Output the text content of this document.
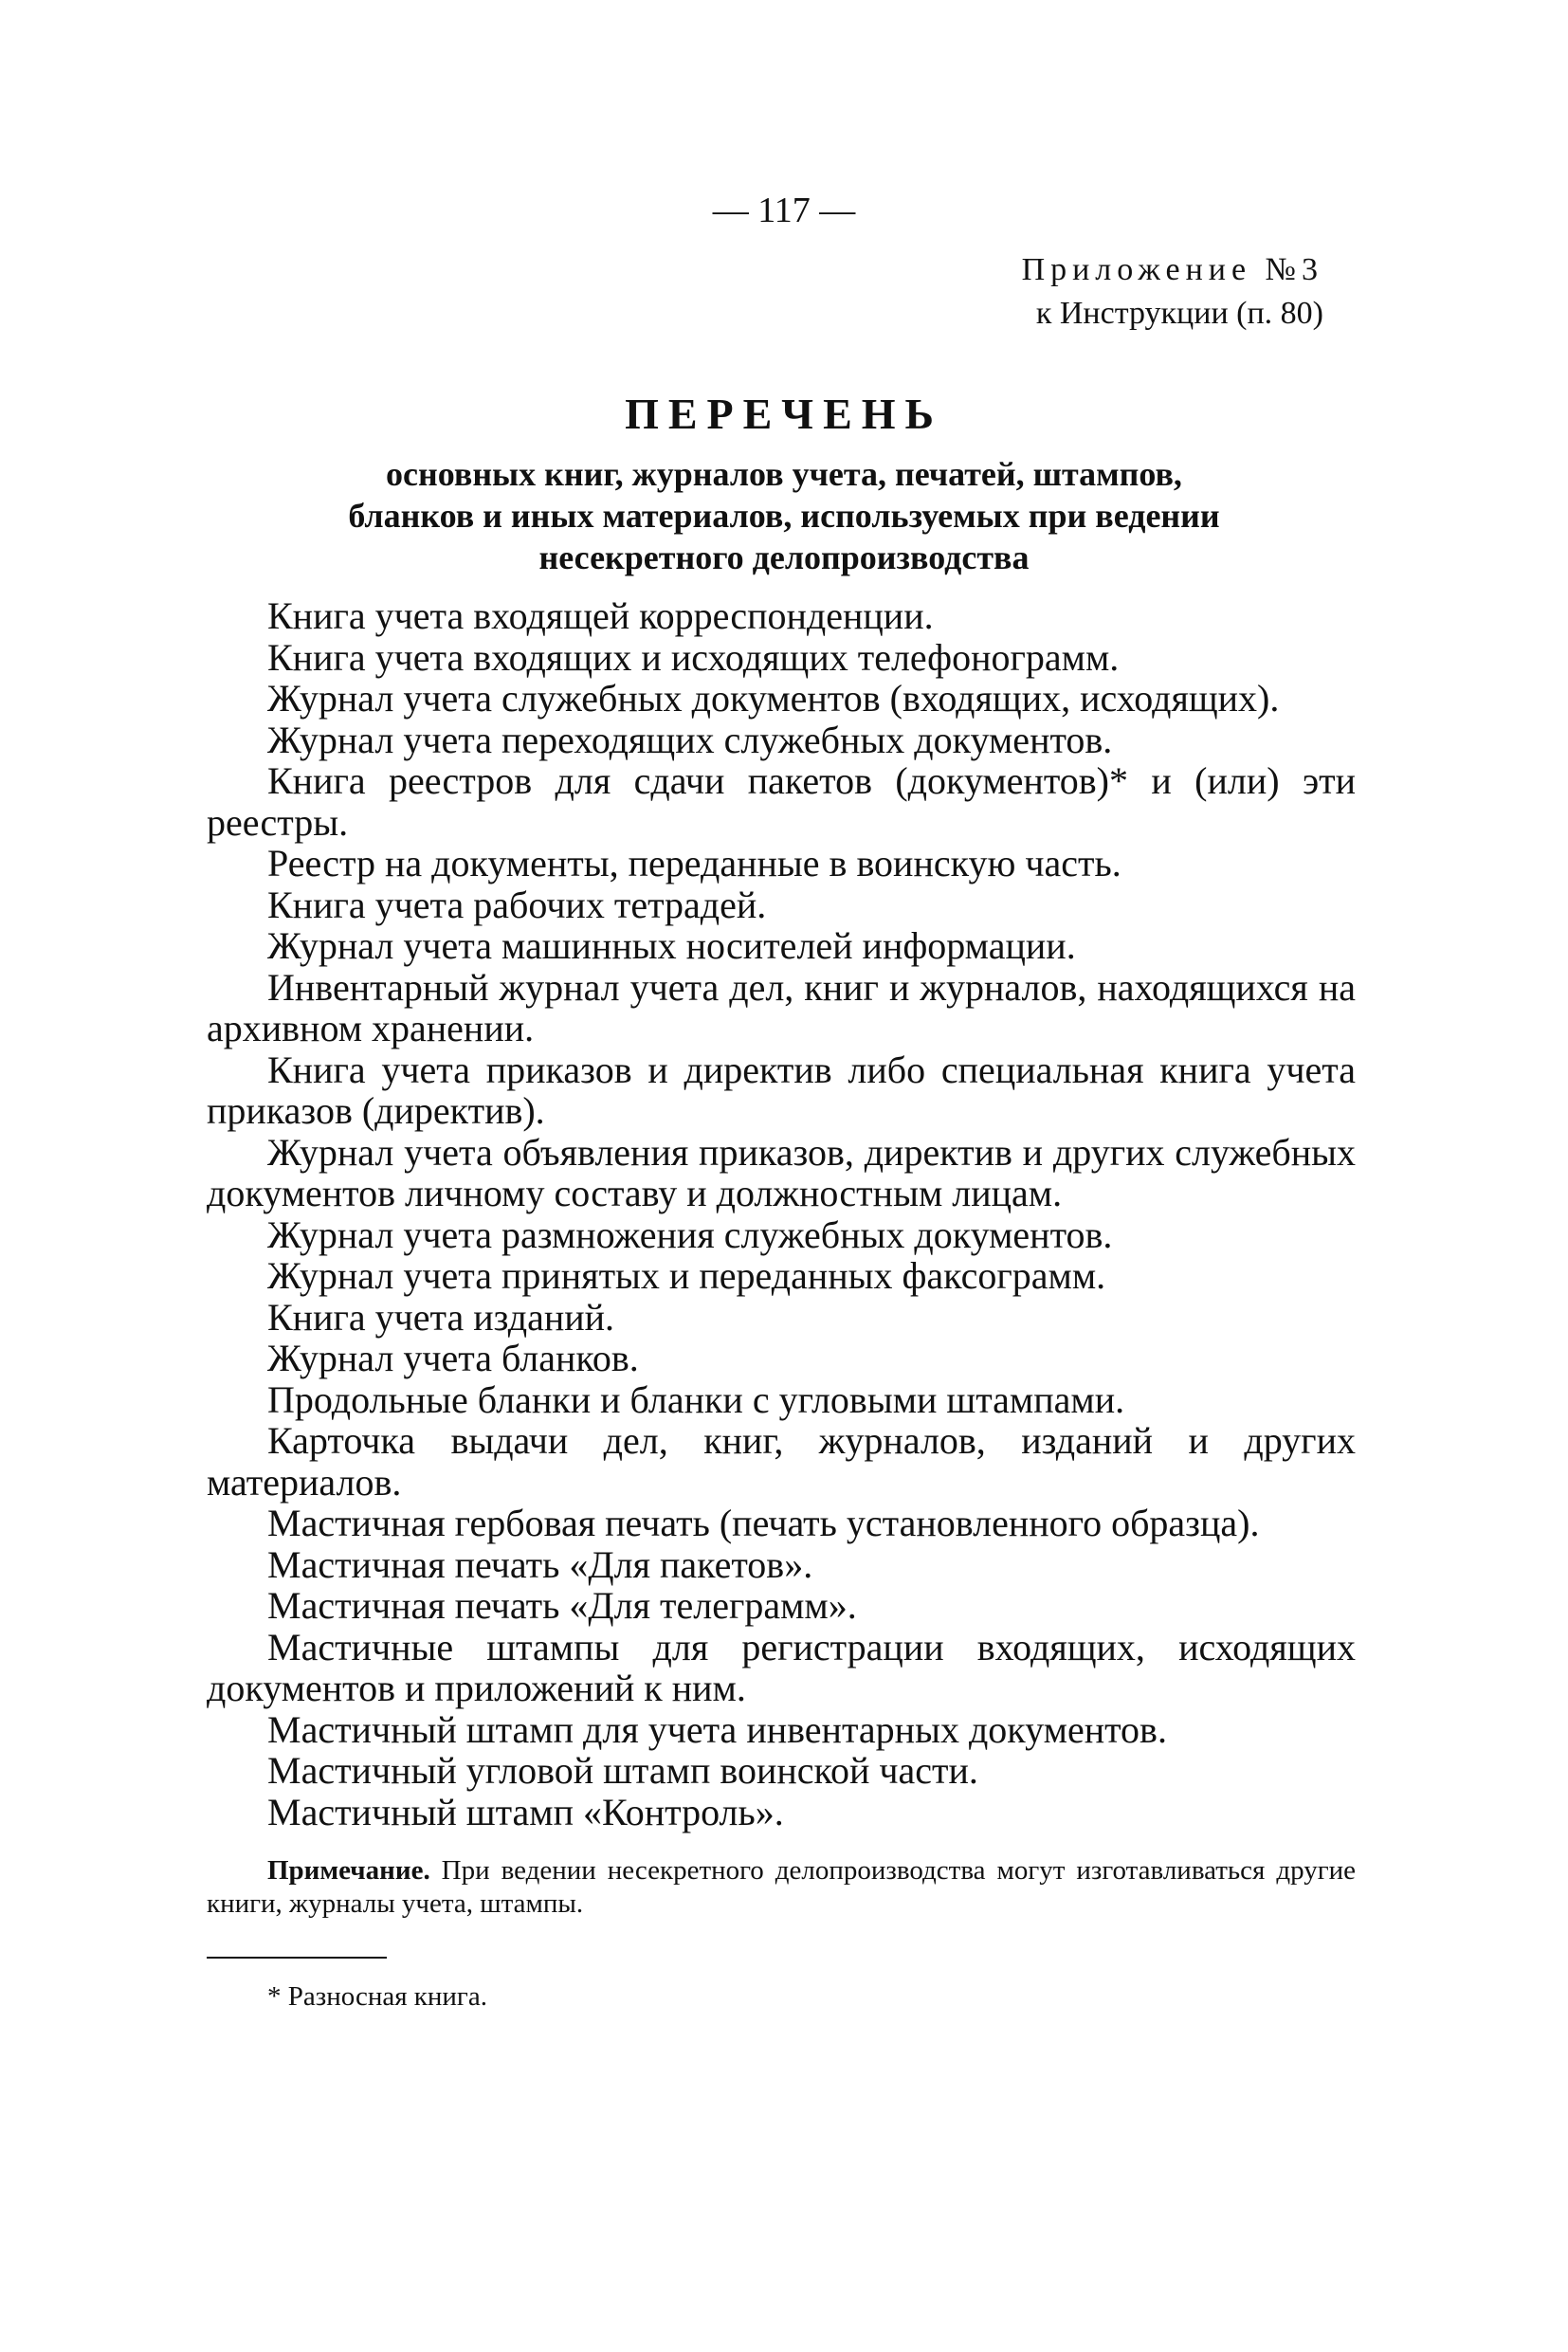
— 117 —
Приложение №3
к Инструкции (п. 80)
ПЕРЕЧЕНЬ
основных книг, журналов учета, печатей, штампов,
бланков и иных материалов, используемых при ведении
несекретного делопроизводства

Книга учета входящей корреспонденции.

Книга учета входящих и исходящих телефонограмм.

Журнал учета служебных документов (входящих, исходящих).

Журнал учета переходящих служебных документов.

Книга реестров для сдачи пакетов (документов)* и (или) эти реестры.

Реестр на документы, переданные в воинскую часть.

Книга учета рабочих тетрадей.

Журнал учета машинных носителей информации.

Инвентарный журнал учета дел, книг и журналов, находящихся на архивном хранении.

Книга учета приказов и директив либо специальная книга учета приказов (директив).

Журнал учета объявления приказов, директив и других служебных документов личному составу и должностным лицам.

Журнал учета размножения служебных документов.

Журнал учета принятых и переданных факсограмм.

Книга учета изданий.

Журнал учета бланков.

Продольные бланки и бланки с угловыми штампами.

Карточка выдачи дел, книг, журналов, изданий и других материалов.

Мастичная гербовая печать (печать установленного образца).

Мастичная печать «Для пакетов».

Мастичная печать «Для телеграмм».

Мастичные штампы для регистрации входящих, исходящих документов и приложений к ним.

Мастичный штамп для учета инвентарных документов.

Мастичный угловой штамп воинской части.

Мастичный штамп «Контроль».

Примечание. При ведении несекретного делопроизводства могут изготавливаться другие книги, журналы учета, штампы.
* Разносная книга.
